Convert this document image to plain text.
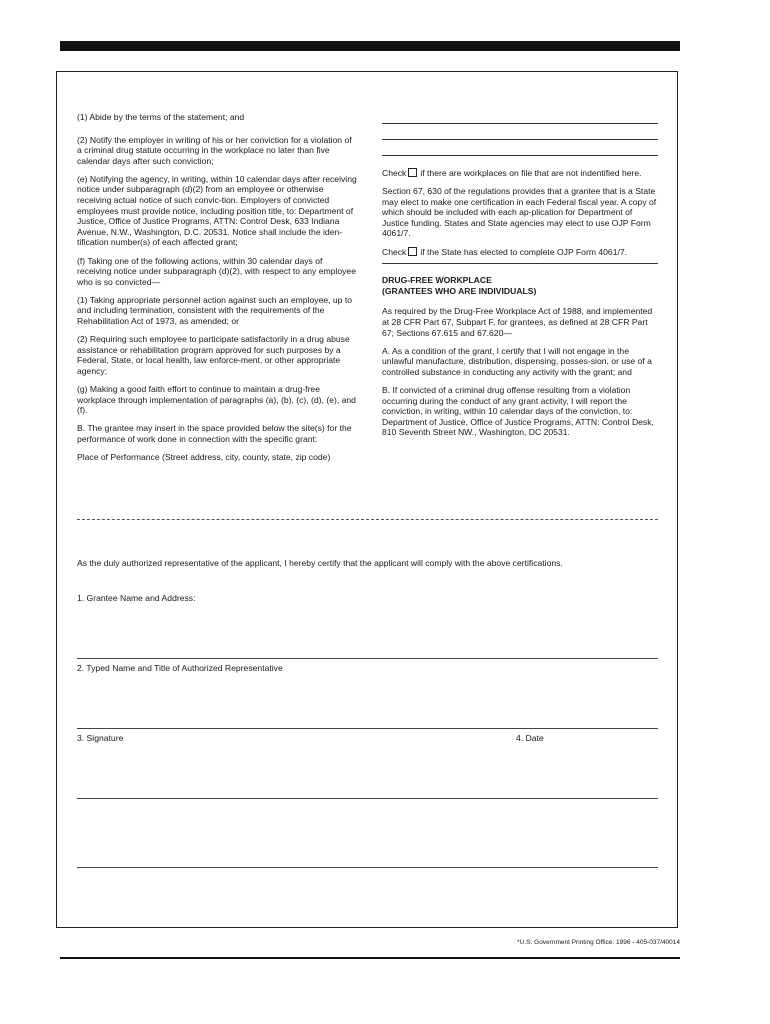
(1) Abide by the terms of the statement; and

(2) Notify the employer in writing of his or her conviction for a violation of a criminal drug statute occurring in the workplace no later than five calendar days after such conviction;

(e) Notifying the agency, in writing, within 10 calendar days after receiving notice under subparagraph (d)(2) from an employee or otherwise receiving actual notice of such convic-tion. Employers of convicted employees must provide notice, including position title, to: Department of Justice, Office of Justice Programs, ATTN: Control Desk, 633 Indiana Avenue, N.W., Washington, D.C. 20531. Notice shall include the iden-tification number(s) of each affected grant;

(f) Taking one of the following actions, within 30 calendar days of receiving notice under subparagraph (d)(2), with respect to any employee who is so convicted—

(1) Taking appropriate personnel action against such an employee, up to and including termination, consistent with the requirements of the Rehabilitation Act of 1973, as amended; or

(2) Requiring such employee to participate satisfactorily in a drug abuse assistance or rehabilitation program approved for such purposes by a Federal, State, or local health, law enforce-ment, or other appropriate agency;

(g) Making a good faith effort to continue to maintain a drug-free workplace through implementation of paragraphs (a), (b), (c), (d), (e), and (f).

B. The grantee may insert in the space provided below the site(s) for the performance of work done in connection with the specific grant:

Place of Performance (Street address, city, county, state, zip code)

Check if there are workplaces on file that are not indentified here.

Section 67, 630 of the regulations provides that a grantee that is a State may elect to make one certification in each Federal fiscal year. A copy of which should be included with each ap-plication for Department of Justice funding. States and State agencies may elect to use OJP Form 4061/7.

Check if the State has elected to complete OJP Form 4061/7.

DRUG-FREE WORKPLACE
(GRANTEES WHO ARE INDIVIDUALS)

As required by the Drug-Free Workplace Act of 1988, and implemented at 28 CFR Part 67, Subpart F, for grantees, as defined at 28 CFR Part 67; Sections 67.615 and 67.620—

A. As a condition of the grant, I certify that I will not engage in the unlawful manufacture, distribution, dispensing, posses-sion, or use of a controlled substance in conducting any activity with the grant; and

B. If convicted of a criminal drug offense resulting from a violation occurring during the conduct of any grant activity, I will report the conviction, in writing, within 10 calendar days of the conviction, to: Department of Justice, Office of Justice Programs, ATTN: Control Desk, 810 Seventh Street NW., Washington, DC 20531.

As the duly authorized representative of the applicant, I hereby certify that the applicant will comply with the above certifications.
1. Grantee Name and Address:
2. Typed Name and Title of Authorized Representative
3. Signature	4. Date
*U.S. Government Printing Office: 1996 - 405-037/40014
